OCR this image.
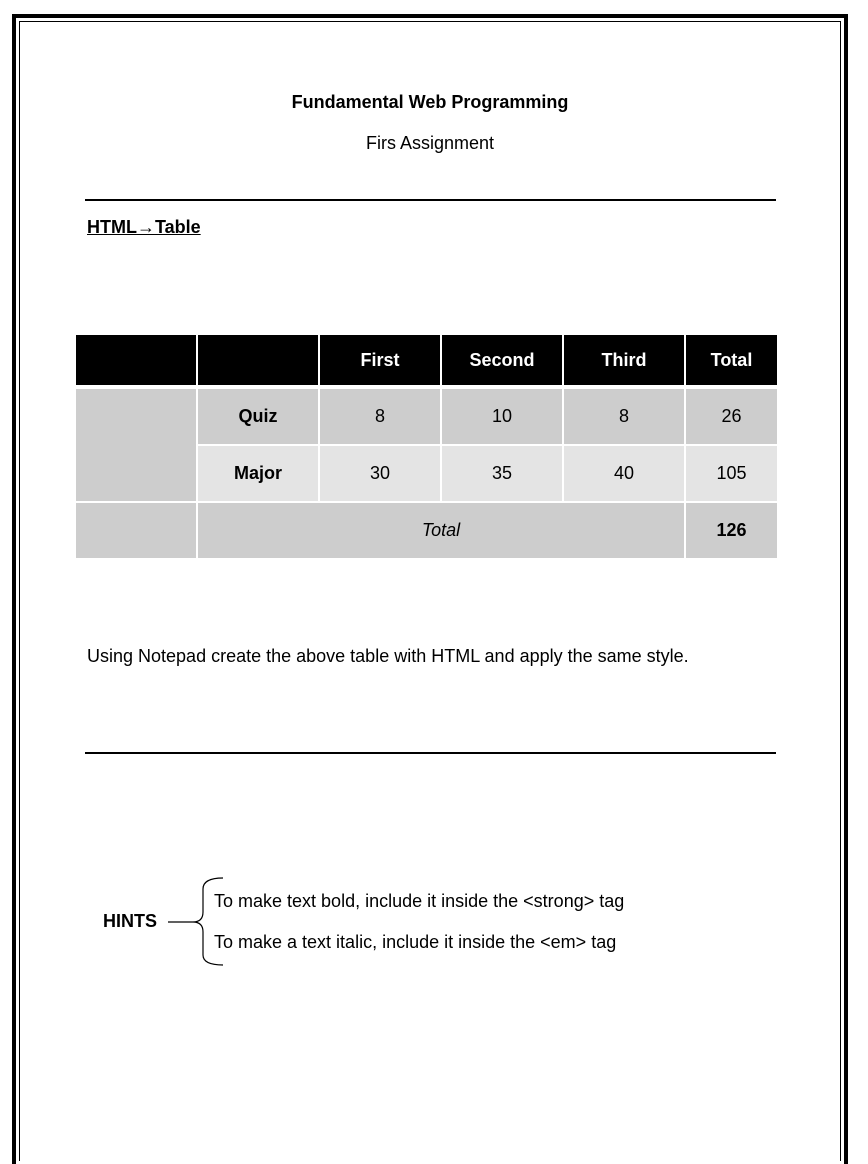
Fundamental Web Programming
Firs Assignment
HTML→Table
		First	Second	Third	Total
	Quiz	8	10	8	26
	Major	30	35	40	105
	Total				126
Using Notepad create the above table with HTML and apply the same style.
HINTS
To make text bold, include it inside the <strong> tag
To make a text italic, include it inside the <em> tag
